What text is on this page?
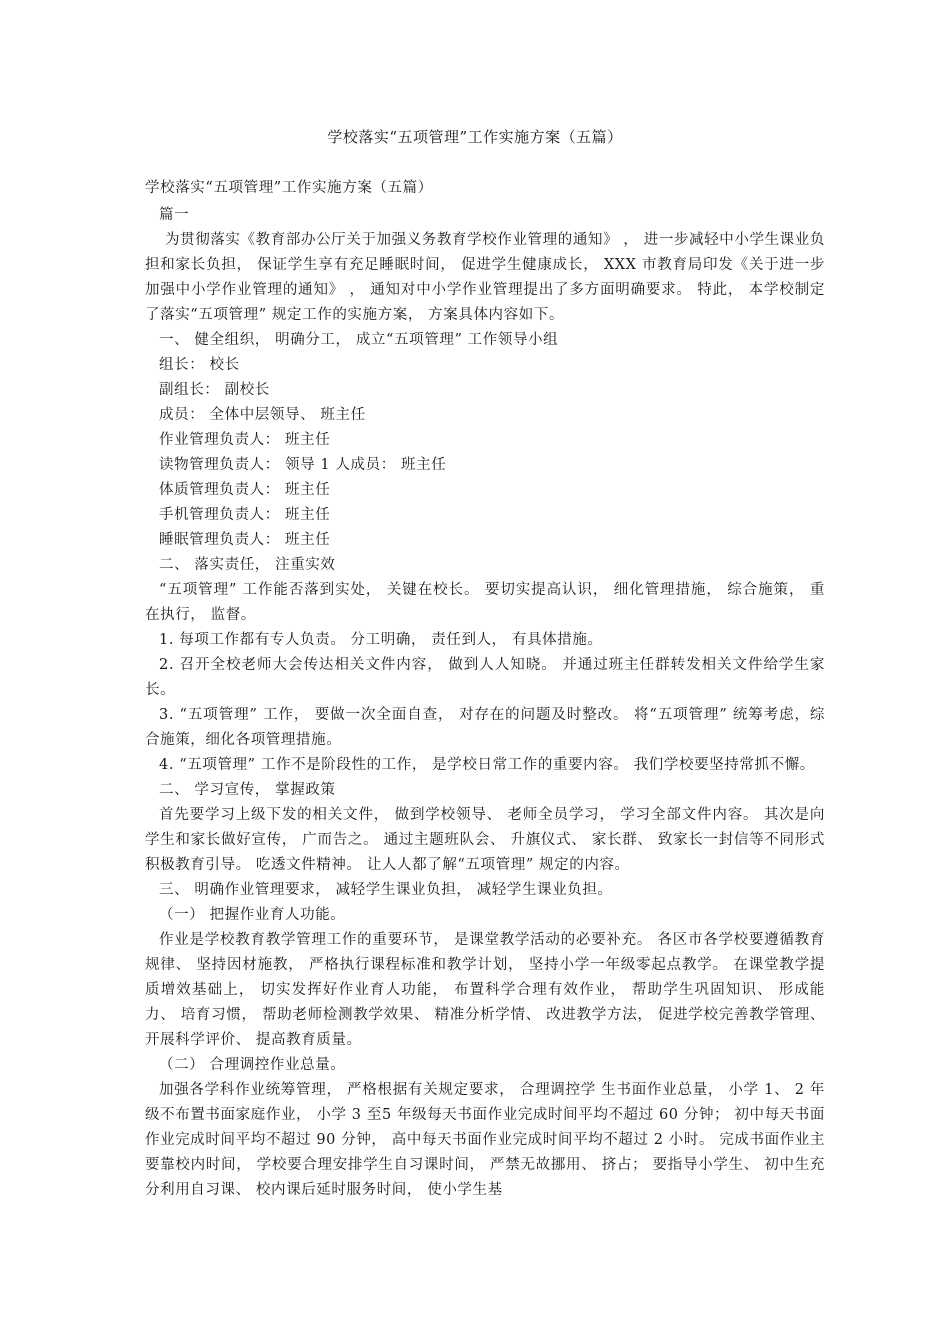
学校落实“五项管理”工作实施方案（五篇）

学校落实“五项管理”工作实施方案（五篇）

篇一

为贯彻落实《教育部办公厅关于加强义务教育学校作业管理的通知》 ， 进一步减轻中小学生课业负担和家长负担， 保证学生享有充足睡眠时间， 促进学生健康成长， XXX 市教育局印发《关于进一步加强中小学作业管理的通知》 ， 通知对中小学作业管理提出了多方面明确要求。 特此， 本学校制定了落实“五项管理” 规定工作的实施方案， 方案具体内容如下。

一、 健全组织， 明确分工， 成立“五项管理” 工作领导小组

组长： 校长

副组长： 副校长

成员： 全体中层领导、 班主任

作业管理负责人： 班主任

读物管理负责人： 领导 1 人成员： 班主任

体质管理负责人： 班主任

手机管理负责人： 班主任

睡眠管理负责人： 班主任

二、 落实责任， 注重实效

“五项管理” 工作能否落到实处， 关键在校长。 要切实提高认识， 细化管理措施， 综合施策， 重在执行， 监督。

1. 每项工作都有专人负责。 分工明确， 责任到人， 有具体措施。

2. 召开全校老师大会传达相关文件内容， 做到人人知晓。 并通过班主任群转发相关文件给学生家长。

3. “五项管理” 工作， 要做一次全面自查， 对存在的问题及时整改。 将“五项管理” 统筹考虑，综合施策，细化各项管理措施。

4. “五项管理” 工作不是阶段性的工作， 是学校日常工作的重要内容。 我们学校要坚持常抓不懈。

二、 学习宣传， 掌握政策

首先要学习上级下发的相关文件， 做到学校领导、 老师全员学习， 学习全部文件内容。 其次是向学生和家长做好宣传， 广而告之。 通过主题班队会、 升旗仪式、 家长群、 致家长一封信等不同形式积极教育引导。 吃透文件精神。 让人人都了解“五项管理” 规定的内容。

三、 明确作业管理要求， 减轻学生课业负担， 减轻学生课业负担。

（一） 把握作业育人功能。

作业是学校教育教学管理工作的重要环节， 是课堂教学活动的必要补充。 各区市各学校要遵循教育规律、 坚持因材施教， 严格执行课程标准和教学计划， 坚持小学一年级零起点教学。 在课堂教学提质增效基础上， 切实发挥好作业育人功能， 布置科学合理有效作业， 帮助学生巩固知识、 形成能力、 培育习惯， 帮助老师检测教学效果、 精准分析学情、 改进教学方法， 促进学校完善教学管理、 开展科学评价、 提高教育质量。

（二） 合理调控作业总量。

加强各学科作业统筹管理， 严格根据有关规定要求， 合理调控学 生书面作业总量， 小学 1、 2 年级不布置书面家庭作业， 小学 3 至5 年级每天书面作业完成时间平均不超过 60 分钟； 初中每天书面作业完成时间平均不超过 90 分钟， 高中每天书面作业完成时间平均不超过 2 小时。 完成书面作业主要靠校内时间， 学校要合理安排学生自习课时间， 严禁无故挪用、 挤占； 要指导小学生、 初中生充分利用自习课、 校内课后延时服务时间， 使小学生基
